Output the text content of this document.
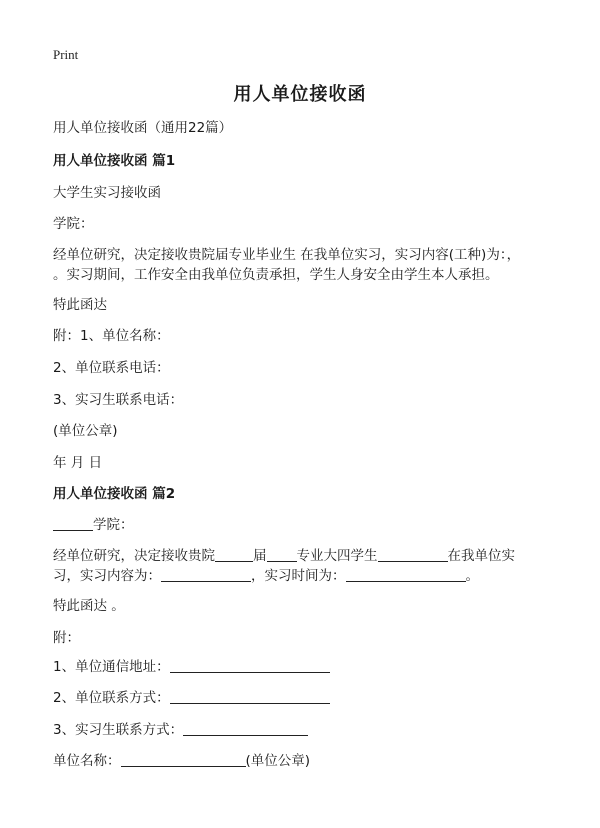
Print
用人单位接收函
用人单位接收函（通用22篇）
用人单位接收函 篇1
大学生实习接收函
学院：
经单位研究，决定接收贵院届专业毕业生 在我单位实习，实习内容(工种)为：，
。实习期间，工作安全由我单位负责承担，学生人身安全由学生本人承担。
特此函达
附：1、单位名称：
2、单位联系电话：
3、实习生联系电话：
(单位公章)
年 月 日
用人单位接收函 篇2
学院：
经单位研究，决定接收贵院	届 专业大四学生	在我单位实
习，实习内容为：	，实习时间为：	。
特此函达 。
附：
1、单位通信地址：
2、单位联系方式：
3、实习生联系方式：
单位名称：	(单位公章)
